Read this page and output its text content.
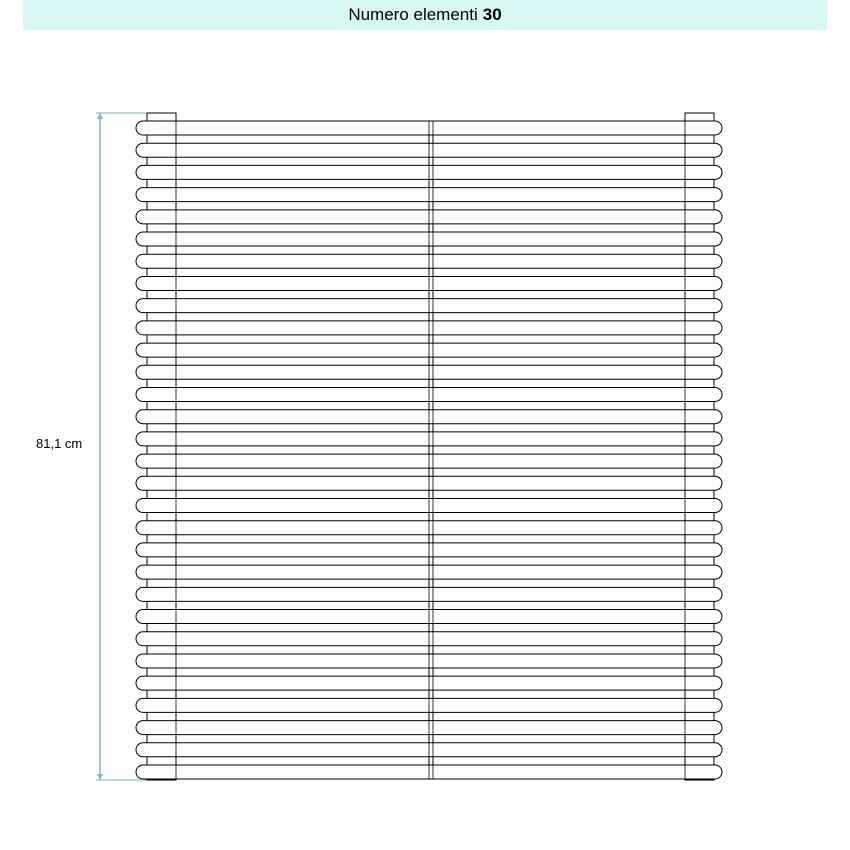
Numero elementi 30
81,1 cm
